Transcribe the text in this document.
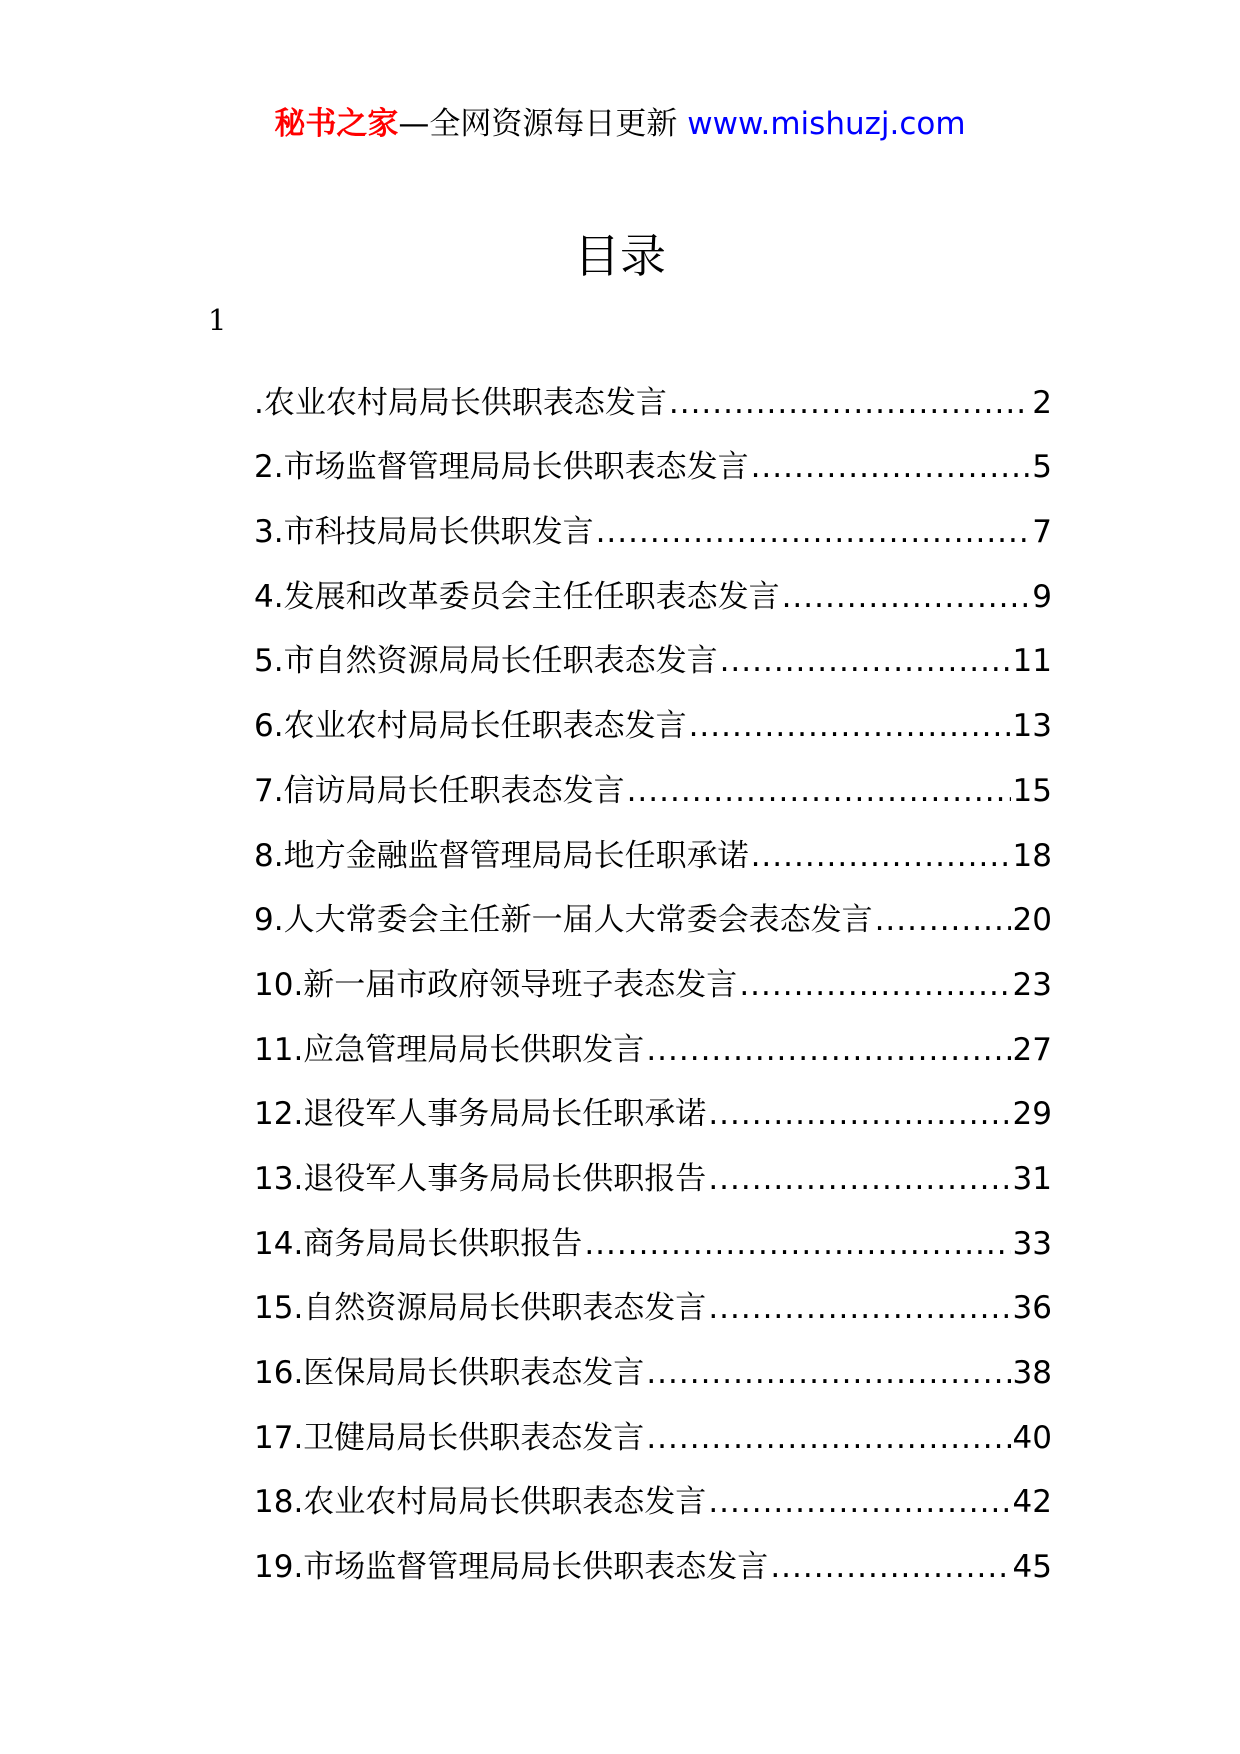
秘书之家—全网资源每日更新 www.mishuzj.com
目录
1
.农业农村局局长供职表态发言 .....	2
2.市场监督管理局局长供职表态发言 .....	5
3.市科技局局长供职发言 .....	7
4.发展和改革委员会主任任职表态发言 .....	9
5.市自然资源局局长任职表态发言 .....	11
6.农业农村局局长任职表态发言 .....	13
7.信访局局长任职表态发言 .....	15
8.地方金融监督管理局局长任职承诺 .....	18
9.人大常委会主任新一届人大常委会表态发言 .....	20
10.新一届市政府领导班子表态发言 .....	23
11.应急管理局局长供职发言 .....	27
12.退役军人事务局局长任职承诺 .....	29
13.退役军人事务局局长供职报告 .....	31
14.商务局局长供职报告 .....	33
15.自然资源局局长供职表态发言 .....	36
16.医保局局长供职表态发言 .....	38
17.卫健局局长供职表态发言 .....	40
18.农业农村局局长供职表态发言 .....	42
19.市场监督管理局局长供职表态发言 .....	45
